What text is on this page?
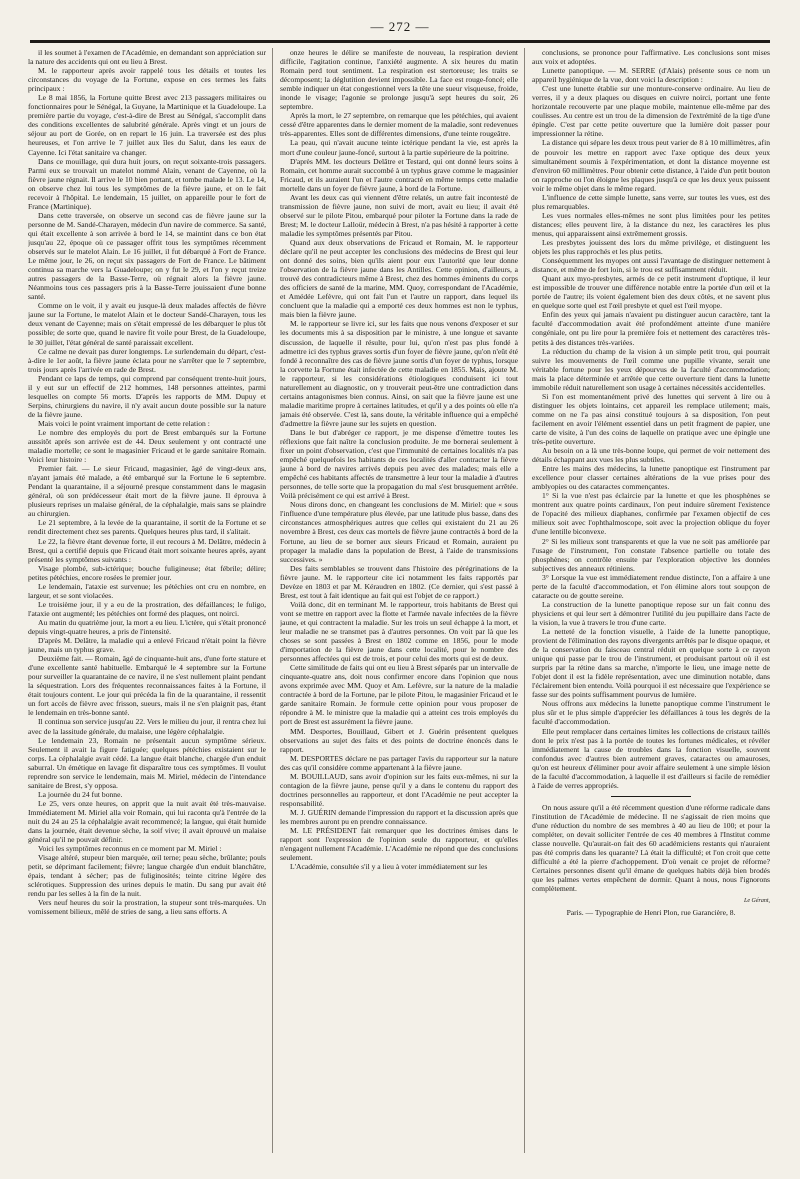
— 272 —

il les soumet à l'examen de l'Académie, en demandant son appréciation sur la nature des accidents qui ont eu lieu à Brest.

M. le rapporteur après avoir rappelé tous les détails et toutes les circonstances du voyage de la Fortune, expose en ces termes les faits principaux :

Le 8 mai 1856, la Fortune quitte Brest avec 213 passagers militaires ou fonctionnaires pour le Sénégal, la Guyane, la Martinique et la Guadeloupe. La première partie du voyage, c'est-à-dire de Brest au Sénégal, s'accomplit dans des conditions excellentes de salubrité générale. Après vingt et un jours de séjour au port de Gorée, on en repart le 16 juin. La traversée est des plus heureuses, et l'on arrive le 7 juillet aux îles du Salut, dans les eaux de Cayenne. Ici l'état sanitaire va changer.

Dans ce mouillage, qui dura huit jours, on reçut soixante-trois passagers. Parmi eux se trouvait un matelot nommé Alain, venant de Cayenne, où la fièvre jaune régnait. Il arrive le 10 bien portant, et tombe malade le 13. Le 14, on observe chez lui tous les symptômes de la fièvre jaune, et on le fait recevoir à l'hôpital. Le lendemain, 15 juillet, on appareille pour le fort de France (Martinique).

Dans cette traversée, on observe un second cas de fièvre jaune sur la personne de M. Sandé-Charayen, médecin d'un navire de commerce. Sa santé, qui était excellente à son arrivée à bord le 14, se maintint dans ce bon état jusqu'au 22, époque où ce passager offrit tous les symptômes récemment observés sur le matelot Alain. Le 16 juillet, il fut débarqué à Fort de France. Le même jour, le 26, on reçut six passagers de Fort de France. Le bâtiment continua sa marche vers la Guadeloupe; on y fut le 29, et l'on y reçut treize autres passagers de la Basse-Terre, où régnait alors la fièvre jaune. Néanmoins tous ces passagers pris à la Basse-Terre jouissaient d'une bonne santé.

Comme on le voit, il y avait eu jusque-là deux malades affectés de fièvre jaune sur la Fortune, le matelot Alain et le docteur Sandé-Charayen, tous les deux venant de Cayenne; mais on s'était empressé de les débarquer le plus tôt possible; de sorte que, quand le navire fit voile pour Brest, de la Guadeloupe, le 30 juillet, l'état général de santé paraissait excellent.

Ce calme ne devait pas durer longtemps. Le surlendemain du départ, c'est-à-dire le 1er août, la fièvre jaune éclata pour ne s'arrêter que le 7 septembre, trois jours après l'arrivée en rade de Brest.

Pendant ce laps de temps, qui comprend par conséquent trente-huit jours, il y eut sur un effectif de 212 hommes, 148 personnes atteintes, parmi lesquelles on compte 56 morts. D'après les rapports de MM. Dupuy et Serpins, chirurgiens du navire, il n'y avait aucun doute possible sur la nature de la fièvre jaune.

Mais voici le point vraiment important de cette relation :

Le nombre des employés du port de Brest embarqués sur la Fortune aussitôt après son arrivée est de 44. Deux seulement y ont contracté une maladie mortelle; ce sont le magasinier Fricaud et le garde sanitaire Romain. Voici leur histoire :

Premier fait. — Le sieur Fricaud, magasinier, âgé de vingt-deux ans, n'ayant jamais été malade, a été embarqué sur la Fortune le 6 septembre. Pendant la quarantaine, il a séjourné presque constamment dans le magasin général, où son prédécesseur était mort de la fièvre jaune. Il éprouva à plusieurs reprises un malaise général, de la céphalalgie, mais sans se plaindre au chirurgien.

Le 21 septembre, à la levée de la quarantaine, il sortit de la Fortune et se rendit directement chez ses parents. Quelques heures plus tard, il s'alitait.

Le 22, la fièvre étant devenue forte, il eut recours à M. Delâtre, médecin à Brest, qui a certifié depuis que Fricaud était mort soixante heures après, ayant présenté les symptômes suivants :

Visage plombé, sub-ictérique; bouche fuligineuse; état fébrile; délire; petites pétéchies, encore rosées le premier jour.

Le lendemain, l'ataxie est survenue; les pétéchies ont cru en nombre, en largeur, et se sont violacées.

Le troisième jour, il y a eu de la prostration, des défaillances; le fuligo, l'ataxie ont augmenté; les pétéchies ont formé des plaques, ont noirci.

Au matin du quatrième jour, la mort a eu lieu. L'ictère, qui s'était prononcé depuis vingt-quatre heures, a pris de l'intensité.

D'après M. Delâtre, la maladie qui a enlevé Fricaud n'était point la fièvre jaune, mais un typhus grave.

Deuxième fait. — Romain, âgé de cinquante-huit ans, d'une forte stature et d'une excellente santé habituelle. Embarqué le 4 septembre sur la Fortune pour surveiller la quarantaine de ce navire, il ne s'est nullement plaint pendant la séquestration. Lors des fréquentes reconnaissances faites à la Fortune, il était toujours content. Le jour qui précéda la fin de la quarantaine, il ressentit un fort accès de fièvre avec frisson, sueurs, mais il ne s'en plaignit pas, étant le lendemain en très-bonne santé.

Il continua son service jusqu'au 22. Vers le milieu du jour, il rentra chez lui avec de la lassitude générale, du malaise, une légère céphalalgie.

Le lendemain 23, Romain ne présentait aucun symptôme sérieux. Seulement il avait la figure fatiguée; quelques pétéchies existaient sur le corps. La céphalalgie avait cédé. La langue était blanche, chargée d'un enduit saburral. Un émétique en lavage fit disparaître tous ces symptômes. Il voulut reprendre son service le lendemain, mais M. Miriel, médecin de l'intendance sanitaire de Brest, s'y opposa.

La journée du 24 fut bonne.

Le 25, vers onze heures, on apprit que la nuit avait été très-mauvaise. Immédiatement M. Miriel alla voir Romain, qui lui raconta qu'à l'entrée de la nuit du 24 au 25 la céphalalgie avait recommencé; la langue, qui était humide dans la journée, était devenue sèche, la soif vive; il avait éprouvé un malaise général qu'il ne pouvait définir.

Voici les symptômes reconnus en ce moment par M. Miriel :

Visage altéré, stupeur bien marquée, œil terne; peau sèche, brûlante; pouls petit, se déprimant facilement; fièvre; langue chargée d'un enduit blanchâtre, épais, tendant à sécher; pas de fuliginosités; teinte citrine légère des sclérotiques. Suppression des urines depuis le matin. Du sang pur avait été rendu par les selles à la fin de la nuit.

Vers neuf heures du soir la prostration, la stupeur sont très-marquées. Un vomissement bilieux, mêlé de stries de sang, a lieu sans efforts. A

onze heures le délire se manifeste de nouveau, la respiration devient difficile, l'agitation continue, l'anxiété augmente. A six heures du matin Romain perd tout sentiment. La respiration est stertoreuse; les traits se décomposent; la déglutition devient impossible. La face est rouge-foncé; elle semble indiquer un état congestionnel vers la tête une sueur visqueuse, froide, inonde le visage; l'agonie se prolonge jusqu'à sept heures du soir, 26 septembre.

Après la mort, le 27 septembre, on remarque que les pétéchies, qui avaient cessé d'être apparentes dans le dernier moment de la maladie, sont redevenues très-apparentes. Elles sont de différentes dimensions, d'une teinte rougeâtre.

La peau, qui n'avait aucune teinte ictérique pendant la vie, est après la mort d'une couleur jaune-foncé, surtout à la partie supérieure de la poitrine.

D'après MM. les docteurs Delâtre et Testard, qui ont donné leurs soins à Romain, cet homme aurait succombé à un typhus grave comme le magasinier Fricaud, et ils auraient l'un et l'autre contracté en même temps cette maladie mortelle dans un foyer de fièvre jaune, à bord de la Fortune.

Avant les deux cas qui viennent d'être relatés, un autre fait incontesté de transmission de fièvre jaune, non suivi de mort, avait eu lieu; il avait été observé sur le pilote Pitou, embarqué pour piloter la Fortune dans la rade de Brest; M. le docteur Lalloür, médecin à Brest, n'a pas hésité à rapporter à cette maladie les symptômes présentés par Pitou.

Quand aux deux observations de Fricaud et Romain, M. le rapporteur déclare qu'il ne peut accepter les conclusions des médecins de Brest qui leur ont donné des soins, bien qu'ils aient pour eux l'autorité que leur donne l'observation de la fièvre jaune dans les Antilles. Cette opinion, d'ailleurs, a trouvé des contradicteurs même à Brest, chez des hommes éminents du corps des officiers de santé de la marine, MM. Quoy, correspondant de l'Académie, et Amédée Lefèvre, qui ont fait l'un et l'autre un rapport, dans lequel ils concluent que la maladie qui a emporté ces deux hommes est non le typhus, mais bien la fièvre jaune.

M. le rapporteur se livre ici, sur les faits que nous venons d'exposer et sur les documents mis à sa disposition par le ministre, à une longue et savante discussion, de laquelle il résulte, pour lui, qu'on n'est pas plus fondé à admettre ici des typhus graves sortis d'un foyer de fièvre jaune, qu'on n'eût été fondé à reconnaître des cas de fièvre jaune sortis d'un foyer de typhus, lorsque la corvette la Fortune était infectée de cette maladie en 1855. Mais, ajoute M. le rapporteur, si les considérations étiologiques conduisent ici tout naturellement au diagnostic, on y trouverait peut-être une contradiction dans certains antagonismes bien connus. Ainsi, on sait que la fièvre jaune est une maladie maritime propre à certaines latitudes, et qu'il y a des points où elle n'a jamais été observée. C'est là, sans doute, la véritable influence qui a empêché d'admettre la fièvre jaune sur les sujets en question.

Dans le but d'abréger ce rapport, je me dispense d'émettre toutes les réflexions que fait naître la conclusion produite. Je me bornerai seulement à fixer un point d'observation, c'est que l'immunité de certaines localités n'a pas empêché quelquefois les habitants de ces localités d'aller contracter la fièvre jaune à bord de navires arrivés depuis peu avec des malades; mais elle a empêché ces habitants affectés de transmettre à leur tour la maladie à d'autres personnes, de telle sorte que la propagation du mal s'est brusquement arrêtée. Voilà précisément ce qui est arrivé à Brest.

Nous dirons donc, en changeant les conclusions de M. Miriel: que « sous l'influence d'une température plus élevée, par une latitude plus basse, dans des circonstances atmosphériques autres que celles qui existaient du 21 au 26 novembre à Brest, ces deux cas mortels de fièvre jaune contractés à bord de la Fortune, au lieu de se borner aux sieurs Fricaud et Romain, auraient pu propager la maladie dans la population de Brest, à l'aide de transmissions successives. »

Des faits semblables se trouvent dans l'histoire des pérégrinations de la fièvre jaune. M. le rapporteur cite ici notamment les faits rapportés par Devèze en 1803 et par M. Kéraudren en 1802. (Ce dernier, qui s'est passé à Brest, est tout à fait identique au fait qui est l'objet de ce rapport.)

Voilà donc, dit en terminant M. le rapporteur, trois habitants de Brest qui vont se mettre en rapport avec la flotte et l'armée navale infectées de la fièvre jaune, et qui contractent la maladie. Sur les trois un seul échappe à la mort, et leur maladie ne se transmet pas à d'autres personnes. On voit par là que les choses se sont passées à Brest en 1802 comme en 1856, pour le mode d'importation de la fièvre jaune dans cette localité, pour le nombre des personnes affectées qui est de trois, et pour celui des morts qui est de deux.

Cette similitude de faits qui ont eu lieu à Brest séparés par un intervalle de cinquante-quatre ans, doit nous confirmer encore dans l'opinion que nous avons exprimée avec MM. Quoy et Am. Lefèvre, sur la nature de la maladie contractée à bord de la Fortune, par le pilote Pitou, le magasinier Fricaud et le garde sanitaire Romain. Je formule cette opinion pour vous proposer de répondre à M. le ministre que la maladie qui a atteint ces trois employés du port de Brest est assurément la fièvre jaune.

MM. Desportes, Bouillaud, Gibert et J. Guérin présentent quelques observations au sujet des faits et des points de doctrine énoncés dans le rapport.

M. DESPORTES déclare ne pas partager l'avis du rapporteur sur la nature des cas qu'il considère comme appartenant à la fièvre jaune.

M. BOUILLAUD, sans avoir d'opinion sur les faits eux-mêmes, ni sur la contagion de la fièvre jaune, pense qu'il y a dans le contenu du rapport des doctrines personnelles au rapporteur, et dont l'Académie ne peut accepter la responsabilité.

M. J. GUÉRIN demande l'impression du rapport et la discussion après que les membres auront pu en prendre connaissance.

M. LE PRÉSIDENT fait remarquer que les doctrines émises dans le rapport sont l'expression de l'opinion seule du rapporteur, et qu'elles n'engagent nullement l'Académie. L'Académie ne répond que des conclusions seulement.

L'Académie, consultée s'il y a lieu à voter immédiatement sur les

conclusions, se prononce pour l'affirmative. Les conclusions sont mises aux voix et adoptées.

Lunette panoptique. — M. SERRE (d'Alais) présente sous ce nom un appareil hygiénique de la vue, dont voici la description :

C'est une lunette établie sur une monture-conserve ordinaire. Au lieu de verres, il y a deux plaques ou disques en cuivre noirci, portant une fente horizontale recouverte par une plaque mobile, maintenue elle-même par des coulisses. Au centre est un trou de la dimension de l'extrémité de la tige d'une épingle. C'est par cette petite ouverture que la lumière doit passer pour impressionner la rétine.

La distance qui sépare les deux trous peut varier de 8 à 10 millimètres, afin de pouvoir les mettre en rapport avec l'axe optique des deux yeux simultanément soumis à l'expérimentation, et dont la distance moyenne est d'environ 60 millimètres. Pour obtenir cette distance, à l'aide d'un petit bouton on rapproche ou l'on éloigne les plaques jusqu'à ce que les deux yeux puissent voir le même objet dans le même regard.

L'influence de cette simple lunette, sans verre, sur toutes les vues, est des plus remarquables.

Les vues normales elles-mêmes ne sont plus limitées pour les petites distances; elles peuvent lire, à la distance du nez, les caractères les plus menus, qui apparaissent ainsi extrêmement grossis.

Les presbytes jouissent des lors du même privilège, et distinguent les objets les plus rapprochés et les plus petits.

Conséquemment les myopes ont aussi l'avantage de distinguer nettement à distance, et même de fort loin, si le trou est suffisamment réduit.

Quant aux myo-presbytes, armés de ce petit instrument d'optique, il leur est impossible de trouver une différence notable entre la portée d'un œil et la portée de l'autre; ils voient également bien des deux côtés, et ne savent plus en quelque sorte quel est l'œil presbyte et quel est l'œil myope.

Enfin des yeux qui jamais n'avaient pu distinguer aucun caractère, tant la faculté d'accommodation avait été profondément atteinte d'une manière congéniale, ont pu lire pour la première fois et nettement des caractères très-petits à des distances très-variées.

La réduction du champ de la vision à un simple petit trou, qui pourrait suivre les mouvements de l'œil comme une pupille vivante, serait une véritable fortune pour les yeux dépourvus de la faculté d'accommodation; mais la place déterminée et arrêtée que cette ouverture tient dans la lunette immobile réduit naturellement son usage à certaines nécessités accidentelles.

Si l'on est momentanément privé des lunettes qui servent à lire ou à distinguer les objets lointains, cet appareil les remplace utilement; mais, comme on ne l'a pas ainsi constitué toujours à sa disposition, l'on peut facilement en avoir l'élément essentiel dans un petit fragment de papier, une carte de visite, à l'un des coins de laquelle on pratique avec une épingle une très-petite ouverture.

Au besoin on a là une très-bonne loupe, qui permet de voir nettement des détails échappant aux vues les plus subtiles.

Entre les mains des médecins, la lunette panoptique est l'instrument par excellence pour classer certaines altérations de la vue prises pour des amblyopies ou des cataractes commençantes.

1° Si la vue n'est pas éclaircie par la lunette et que les phosphènes se montrent aux quatre points cardinaux, l'on peut induire sûrement l'existence de l'opacité des milieux diaphanes, confirmée par l'examen objectif de ces milieux soit avec l'ophthalmoscope, soit avec la projection oblique du foyer d'une lentille biconvexe.

2° Si les milieux sont transparents et que la vue ne soit pas améliorée par l'usage de l'instrument, l'on constate l'absence partielle ou totale des phosphènes; on contrôle ensuite par l'exploration objective les données subjectives des anneaux rétiniens.

3° Lorsque la vue est immédiatement rendue distincte, l'on a affaire à une perte de la faculté d'accommodation, et l'on élimine alors tout soupçon de cataracte ou de goutte sereine.

La construction de la lunette panoptique repose sur un fait connu des physiciens et qui leur sert à démontrer l'utilité du jeu pupillaire dans l'acte de la vision, la vue à travers le trou d'une carte.

La netteté de la fonction visuelle, à l'aide de la lunette panoptique, provient de l'élimination des rayons divergents arrêtés par le disque opaque, et de la conservation du faisceau central réduit en quelque sorte à ce rayon unique qui passe par le trou de l'instrument, et produisant partout où il est surpris par la rétine dans sa marche, n'importe le lieu, une image nette de l'objet dont il est la fidèle représentation, avec une diminution notable, dans l'éclairement bien entendu. Voilà pourquoi il est nécessaire que l'expérience se fasse sur des points suffisamment pourvus de lumière.

Nous offrons aux médecins la lunette panoptique comme l'instrument le plus sûr et le plus simple d'apprécier les défaillances à tous les degrés de la faculté d'accommodation.

Elle peut remplacer dans certaines limites les collections de cristaux taillés dont le prix n'est pas à la portée de toutes les fortunes médicales, et révéler immédiatement la cause de troubles dans la fonction visuelle, souvent confondus avec d'autres bien autrement graves, cataractes ou amauroses, qu'on est heureux d'éliminer pour avoir affaire seulement à une simple lésion de la faculté d'accommodation, à laquelle il est d'ailleurs si facile de remédier à l'aide de verres appropriés.

On nous assure qu'il a été récemment question d'une réforme radicale dans l'institution de l'Académie de médecine. Il ne s'agissait de rien moins que d'une réduction du nombre de ses membres à 40 au lieu de 100; et pour la compléter, on devait solliciter l'entrée de ces 40 membres à l'Institut comme classe nouvelle. Qu'aurait-on fait des 60 académiciens restants qui n'auraient pas été compris dans les quarante? Là était la difficulté; et l'on croit que cette difficulté a été la pierre d'achoppement. D'où venait ce projet de réforme? Certaines personnes disent qu'il émane de quelques habits déjà bien brodés que les palmes vertes empêchent de dormir. Quant à nous, nous l'ignorons complètement.

Le Gérant,
Paris. — Typographie de Henri Plon, rue Garancière, 8.
